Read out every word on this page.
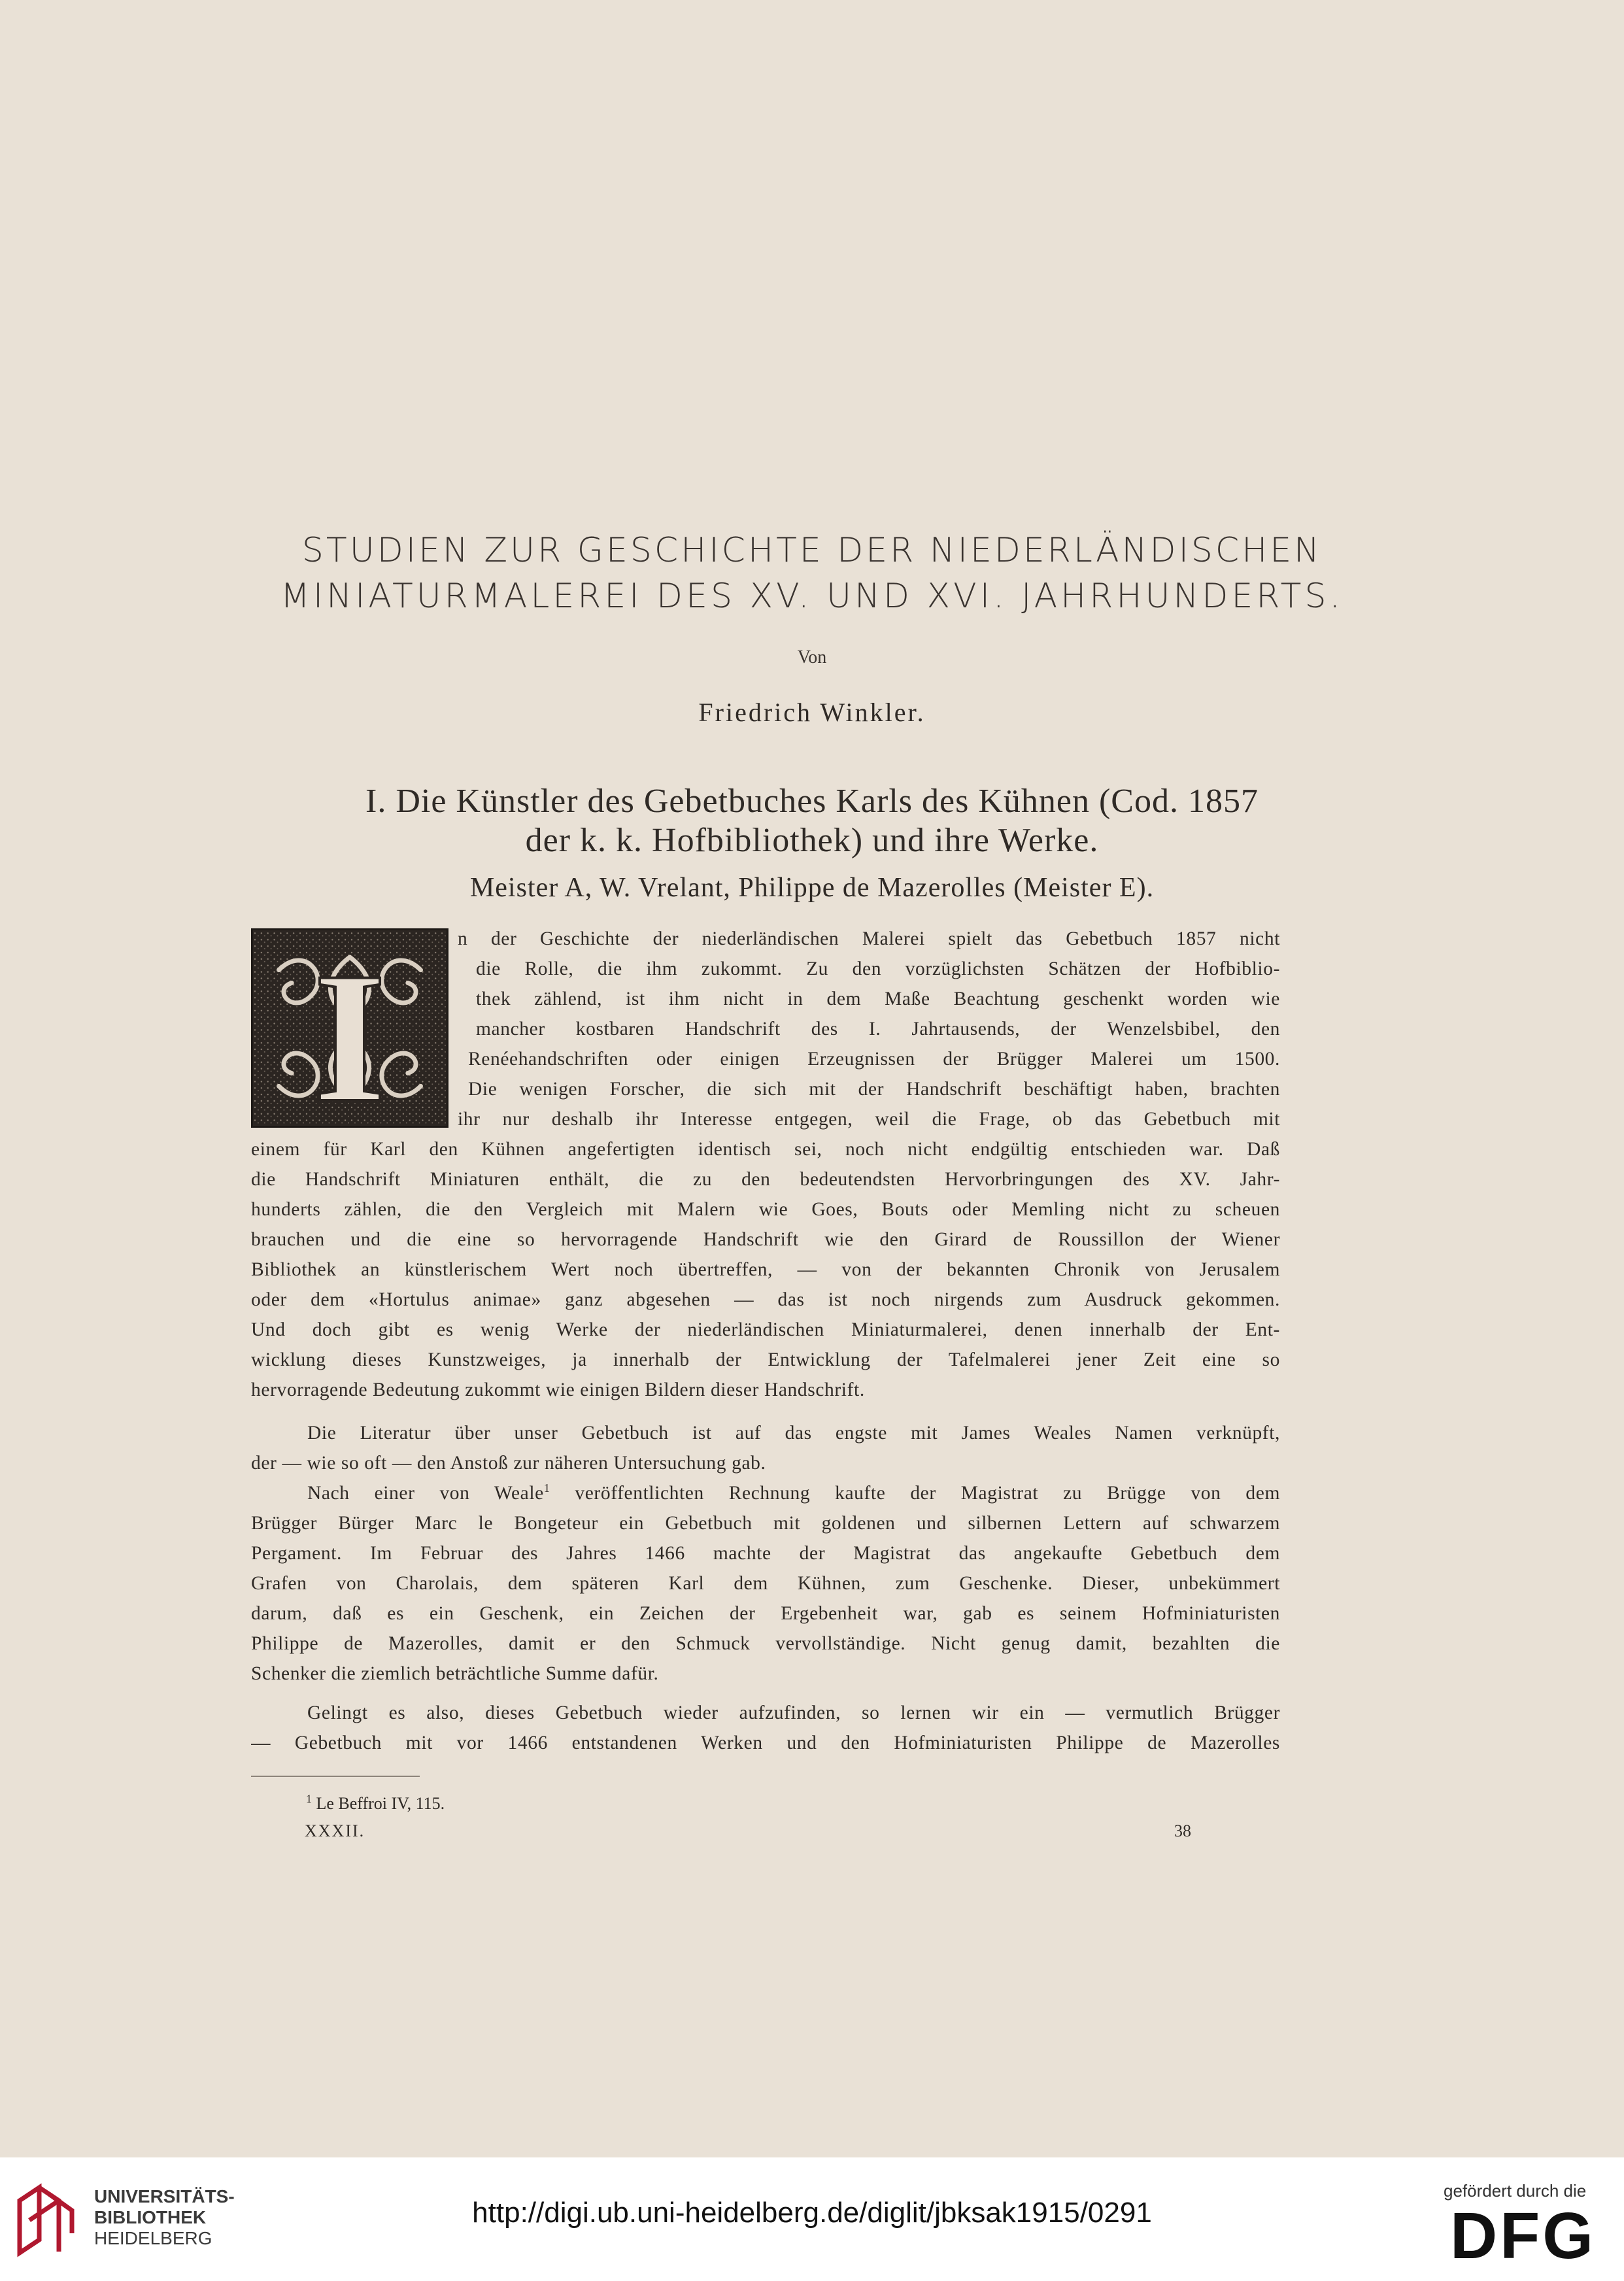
STUDIEN ZUR GESCHICHTE DER NIEDERLÄNDISCHEN
MINIATURMALEREI DES XV. UND XVI. JAHRHUNDERTS.
Von
Friedrich Winkler.
I. Die Künstler des Gebetbuches Karls des Kühnen (Cod. 1857
der k. k. Hofbibliothek) und ihre Werke.
Meister A, W. Vrelant, Philippe de Mazerolles (Meister E).
I	n der Geschichte der niederländischen Malerei spielt das Gebetbuch 1857 nicht
die Rolle, die ihm zukommt. Zu den vorzüglichsten Schätzen der Hofbiblio-
thek zählend, ist ihm nicht in dem Maße Beachtung geschenkt worden wie
mancher kostbaren Handschrift des I. Jahrtausends, der Wenzelsbibel, den
Renéehandschriften oder einigen Erzeugnissen der Brügger Malerei um 1500.
Die wenigen Forscher, die sich mit der Handschrift beschäftigt haben, brachten
ihr nur deshalb ihr Interesse entgegen, weil die Frage, ob das Gebetbuch mit
einem für Karl den Kühnen angefertigten identisch sei, noch nicht endgültig entschieden war. Daß
die Handschrift Miniaturen enthält, die zu den bedeutendsten Hervorbringungen des XV. Jahr-
hunderts zählen, die den Vergleich mit Malern wie Goes, Bouts oder Memling nicht zu scheuen
brauchen und die eine so hervorragende Handschrift wie den Girard de Roussillon der Wiener
Bibliothek an künstlerischem Wert noch übertreffen, — von der bekannten Chronik von Jerusalem
oder dem «Hortulus animae» ganz abgesehen — das ist noch nirgends zum Ausdruck gekommen.
Und doch gibt es wenig Werke der niederländischen Miniaturmalerei, denen innerhalb der Ent-
wicklung dieses Kunstzweiges, ja innerhalb der Entwicklung der Tafelmalerei jener Zeit eine so
hervorragende Bedeutung zukommt wie einigen Bildern dieser Handschrift.
Die Literatur über unser Gebetbuch ist auf das engste mit James Weales Namen verknüpft,
der — wie so oft — den Anstoß zur näheren Untersuchung gab.
Nach einer von Weale$^1$ veröffentlichten Rechnung kaufte der Magistrat zu Brügge von dem
Brügger Bürger Marc le Bongeteur ein Gebetbuch mit goldenen und silbernen Lettern auf schwarzem
Pergament. Im Februar des Jahres 1466 machte der Magistrat das angekaufte Gebetbuch dem
Grafen von Charolais, dem späteren Karl dem Kühnen, zum Geschenke. Dieser, unbekümmert
darum, daß es ein Geschenk, ein Zeichen der Ergebenheit war, gab es seinem Hofminiaturisten
Philippe de Mazerolles, damit er den Schmuck vervollständige. Nicht genug damit, bezahlten die
Schenker die ziemlich beträchtliche Summe dafür.
Gelingt es also, dieses Gebetbuch wieder aufzufinden, so lernen wir ein — vermutlich Brügger
— Gebetbuch mit vor 1466 entstandenen Werken und den Hofminiaturisten Philippe de Mazerolles
$^1$ Le Beffroi IV, 115.
XXXII.	38
UNIVERSITÄTS-
BIBLIOTHEK
HEIDELBERG
http://digi.ub.uni-heidelberg.de/diglit/jbksak1915/0291
gefördert durch die
DFG
